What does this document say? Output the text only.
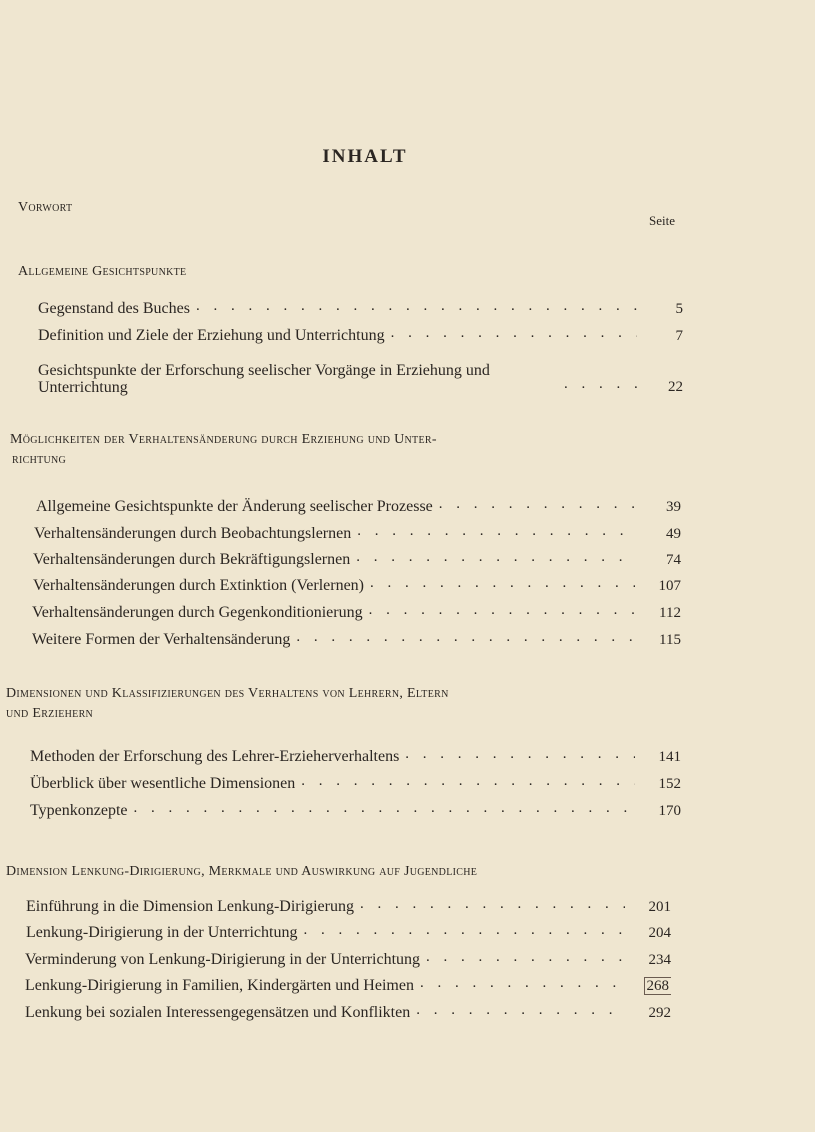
INHALT
Vorwort
Seite
Allgemeine Gesichtspunkte
Gegenstand des Buches . . .	5
Definition und Ziele der Erziehung und Unterrichtung . . .	7
Gesichtspunkte der Erforschung seelischer Vorgänge in Erziehung und Unterrichtung . . .	22
Möglichkeiten der Verhaltensänderung durch Erziehung und Unter-
richtung
Allgemeine Gesichtspunkte der Änderung seelischer Prozesse . . .	39
Verhaltensänderungen durch Beobachtungslernen . . .	49
Verhaltensänderungen durch Bekräftigungslernen . . .	74
Verhaltensänderungen durch Extinktion (Verlernen) . . .	107
Verhaltensänderungen durch Gegenkonditionierung . . .	112
Weitere Formen der Verhaltensänderung . . .	115
Dimensionen und Klassifizierungen des Verhaltens von Lehrern, Eltern
und Erziehern
Methoden der Erforschung des Lehrer-Erzieherverhaltens . . .	141
Überblick über wesentliche Dimensionen . . .	152
Typenkonzepte . . .	170
Dimension Lenkung-Dirigierung, Merkmale und Auswirkung auf Jugendliche
Einführung in die Dimension Lenkung-Dirigierung . . .	201
Lenkung-Dirigierung in der Unterrichtung . . .	204
Verminderung von Lenkung-Dirigierung in der Unterrichtung . . .	234
Lenkung-Dirigierung in Familien, Kindergärten und Heimen . . .	268
Lenkung bei sozialen Interessengegensätzen und Konflikten . . .	292
